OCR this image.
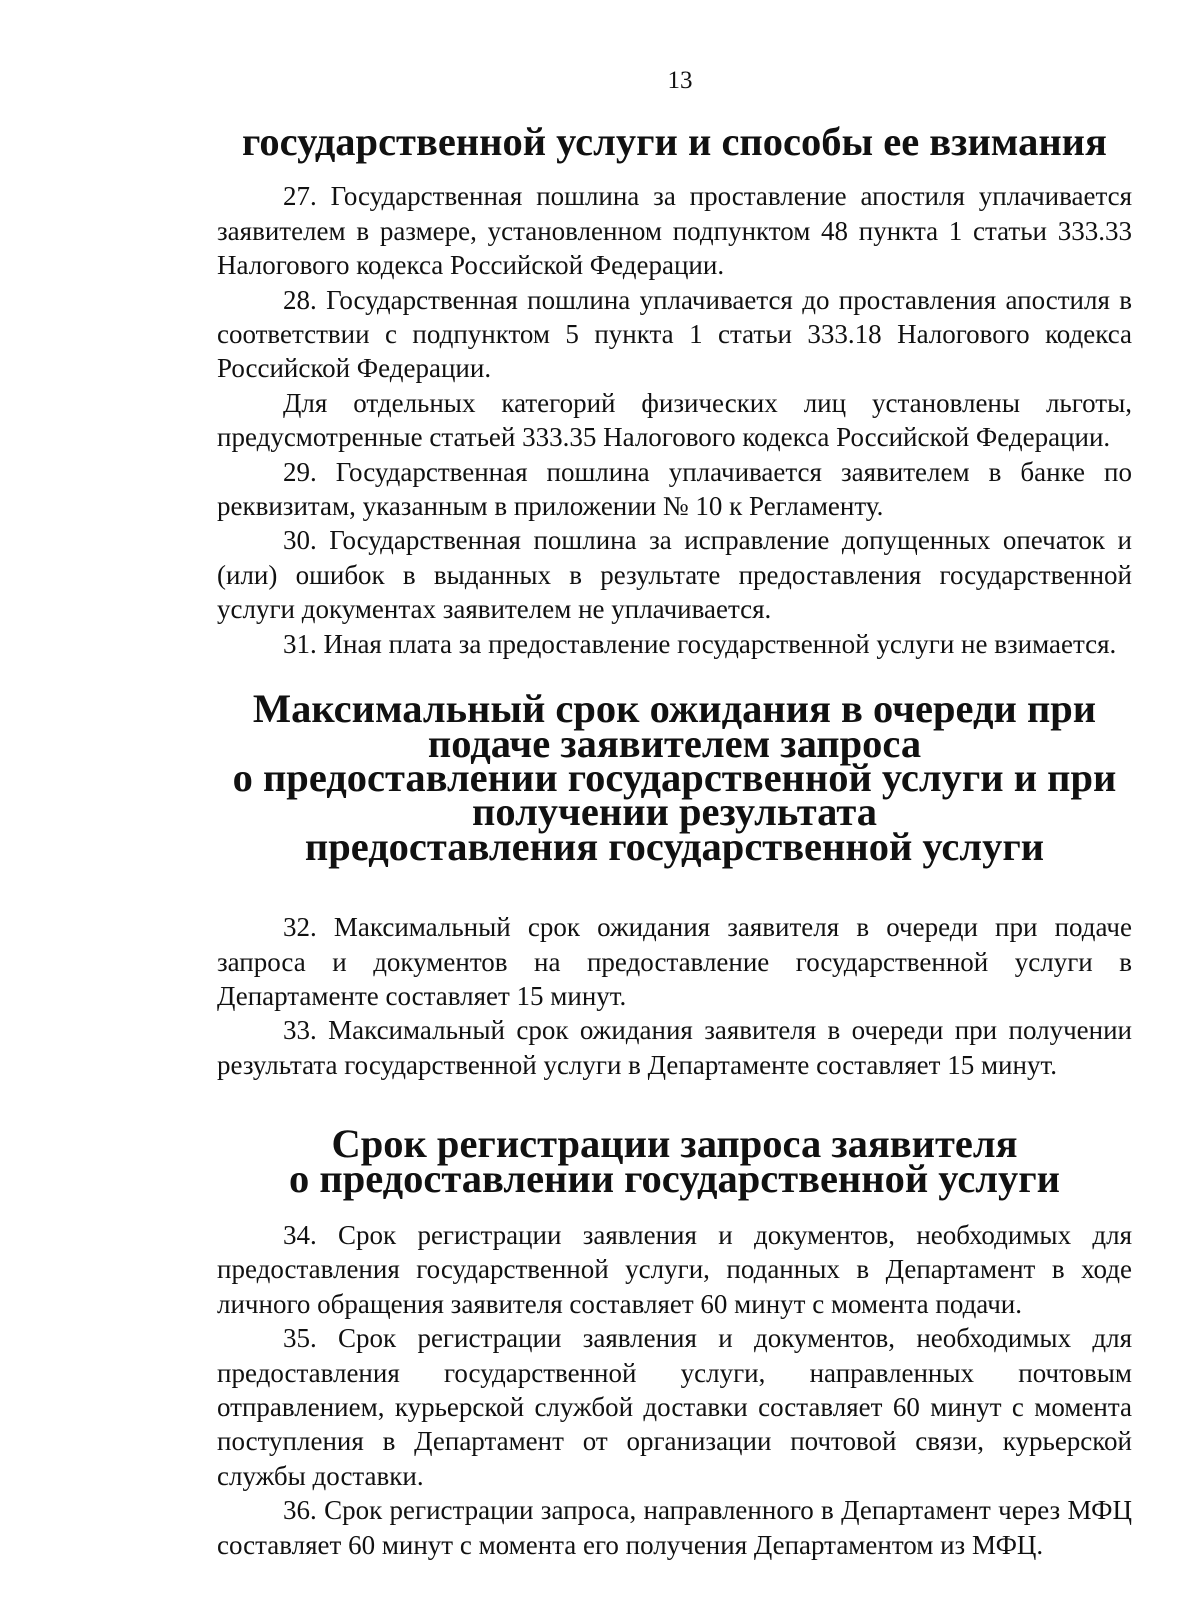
13
государственной услуги и способы ее взимания

27. Государственная пошлина за проставление апостиля уплачивается заявителем в размере, установленном подпунктом 48 пункта 1 статьи 333.33 Налогового кодекса Российской Федерации.

28. Государственная пошлина уплачивается до проставления апостиля в соответствии с подпунктом 5 пункта 1 статьи 333.18 Налогового кодекса Российской Федерации.

Для отдельных категорий физических лиц установлены льготы, предусмотренные статьей 333.35 Налогового кодекса Российской Федерации.

29. Государственная пошлина уплачивается заявителем в банке по реквизитам, указанным в приложении № 10 к Регламенту.

30. Государственная пошлина за исправление допущенных опечаток и (или) ошибок в выданных в результате предоставления государственной услуги документах заявителем не уплачивается.

31. Иная плата за предоставление государственной услуги не взимается.

Максимальный срок ожидания в очереди при подаче заявителем запроса
о предоставлении государственной услуги и при получении результата
предоставления государственной услуги

32. Максимальный срок ожидания заявителя в очереди при подаче запроса и документов на предоставление государственной услуги в Департаменте составляет 15 минут.

33. Максимальный срок ожидания заявителя в очереди при получении результата государственной услуги в Департаменте составляет 15 минут.

Срок регистрации запроса заявителя
о предоставлении государственной услуги

34. Срок регистрации заявления и документов, необходимых для предоставления государственной услуги, поданных в Департамент в ходе личного обращения заявителя составляет 60 минут с момента подачи.

35. Срок регистрации заявления и документов, необходимых для предоставления государственной услуги, направленных почтовым отправлением, курьерской службой доставки составляет 60 минут с момента поступления в Департамент от организации почтовой связи, курьерской службы доставки.

36. Срок регистрации запроса, направленного в Департамент через МФЦ составляет 60 минут с момента его получения Департаментом из МФЦ.
